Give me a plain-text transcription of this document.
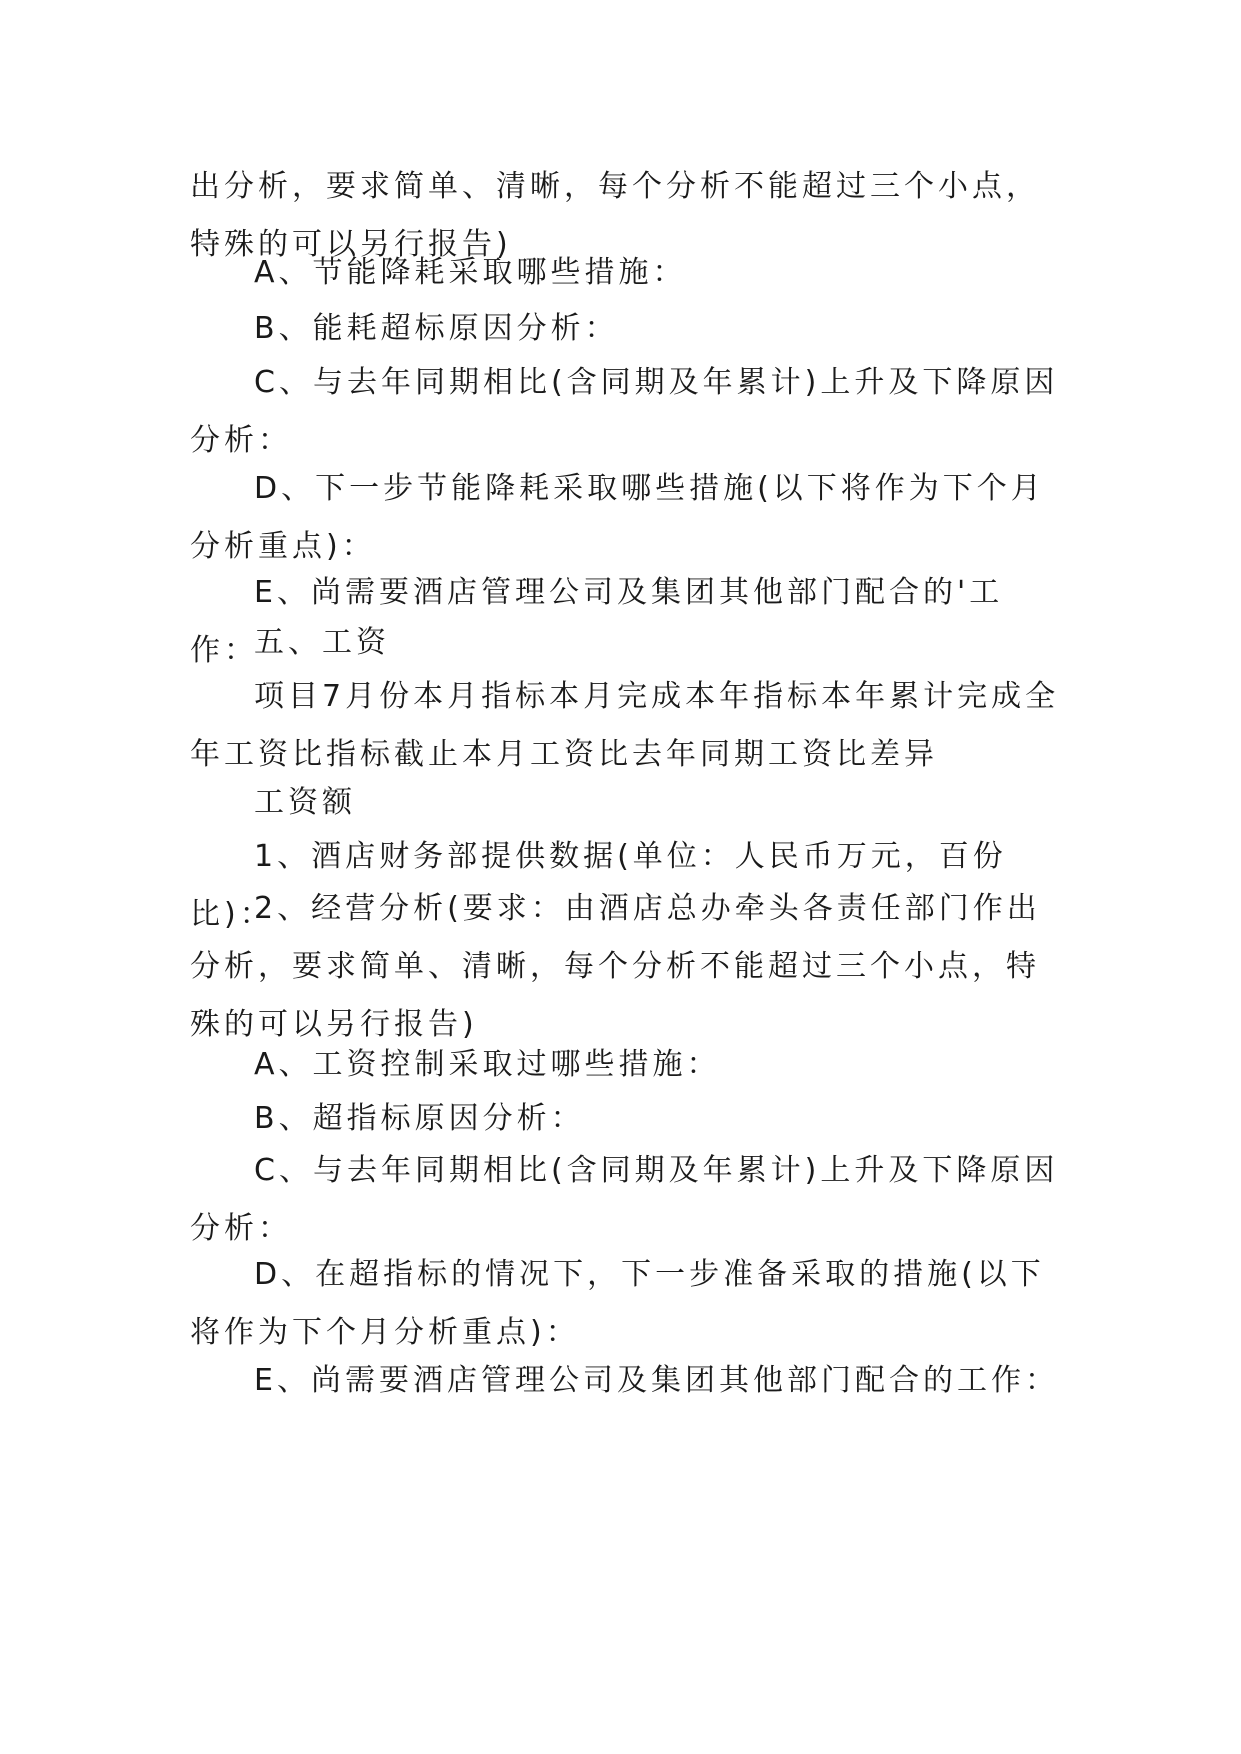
出分析，要求简单、清晰，每个分析不能超过三个小点，特殊的可以另行报告)

A、节能降耗采取哪些措施：

B、能耗超标原因分析：

C、与去年同期相比(含同期及年累计)上升及下降原因分析：

D、下一步节能降耗采取哪些措施(以下将作为下个月分析重点)：

E、尚需要酒店管理公司及集团其他部门配合的'工作：

五、工资

项目7月份本月指标本月完成本年指标本年累计完成全年工资比指标截止本月工资比去年同期工资比差异

工资额

1、酒店财务部提供数据(单位：人民币万元，百份比)：

2、经营分析(要求：由酒店总办牵头各责任部门作出分析，要求简单、清晰，每个分析不能超过三个小点，特殊的可以另行报告)

A、工资控制采取过哪些措施：

B、超指标原因分析：

C、与去年同期相比(含同期及年累计)上升及下降原因分析：

D、在超指标的情况下，下一步准备采取的措施(以下将作为下个月分析重点)：

E、尚需要酒店管理公司及集团其他部门配合的工作：
